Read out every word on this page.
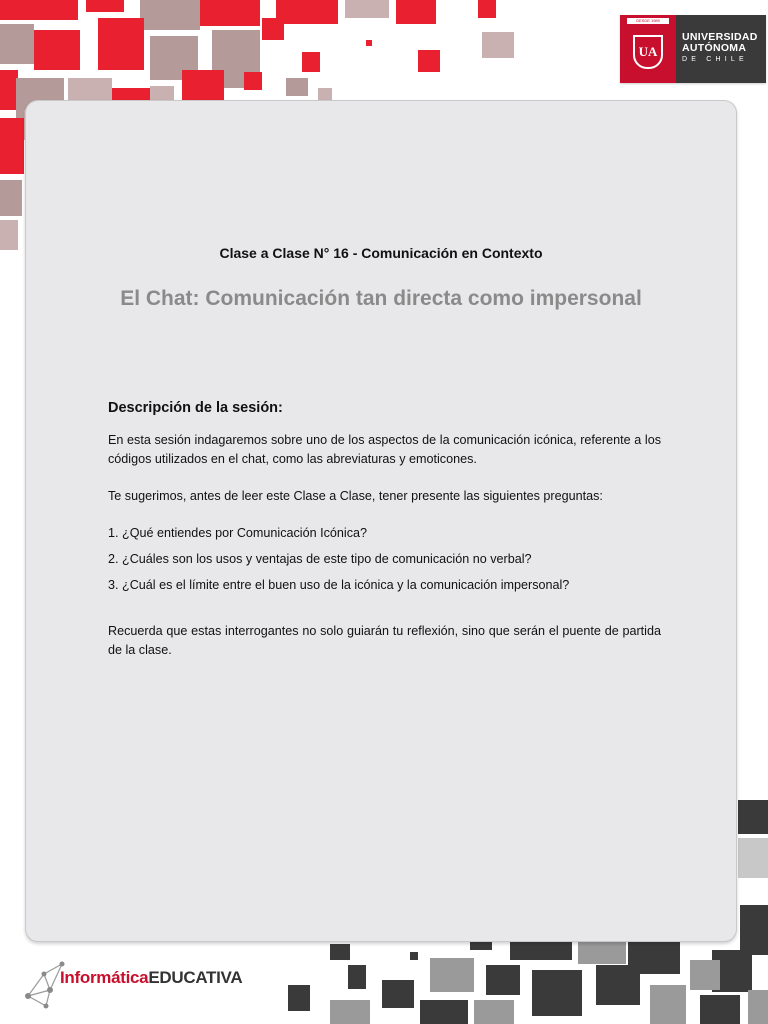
DESDE 1989
UA
UNIVERSIDAD
AUTÓNOMA
DE CHILE
Clase a Clase N° 16 - Comunicación en Contexto
El Chat: Comunicación tan directa como impersonal
Descripción de la sesión:

En esta sesión indagaremos sobre uno de los aspectos de la comunicación icónica, referente a los códigos utilizados en el chat, como las abreviaturas y emoticones.

Te sugerimos, antes de leer este Clase a Clase, tener presente las siguientes preguntas:

1. ¿Qué entiendes por Comunicación Icónica?
2. ¿Cuáles son los usos y ventajas de este tipo de comunicación no verbal?
3. ¿Cuál es el límite entre el buen uso de la icónica y la comunicación impersonal?

Recuerda que estas interrogantes no solo guiarán tu reflexión, sino que serán el puente de partida de la clase.

InformáticaEDUCATIVA
